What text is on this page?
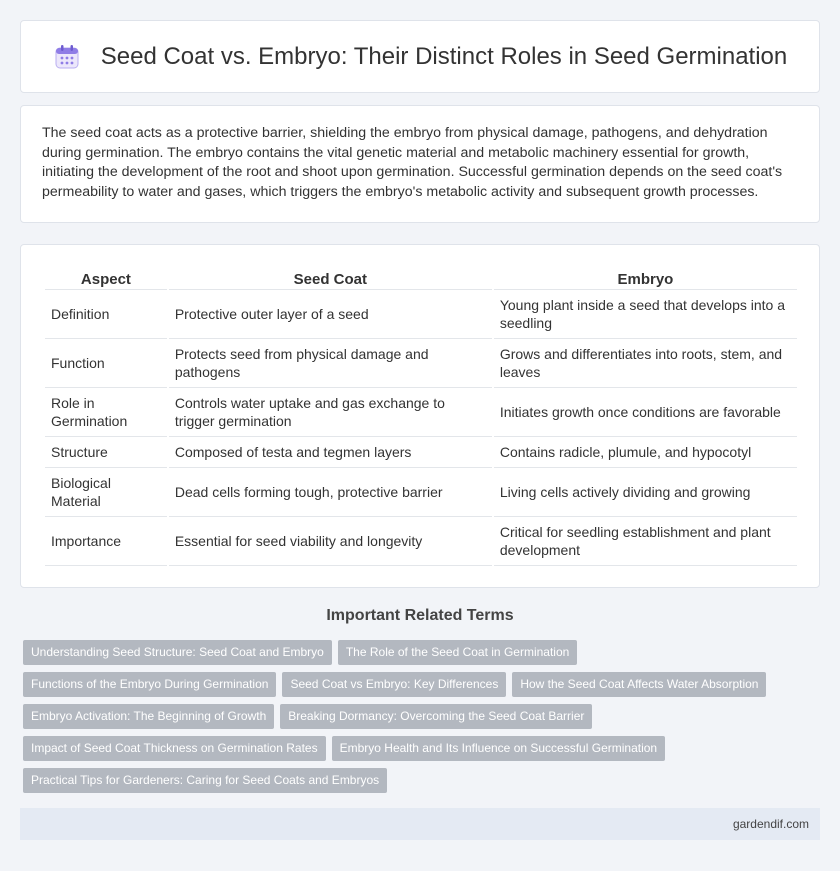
Seed Coat vs. Embryo: Their Distinct Roles in Seed Germination

The seed coat acts as a protective barrier, shielding the embryo from physical damage, pathogens, and dehydration during germination. The embryo contains the vital genetic material and metabolic machinery essential for growth, initiating the development of the root and shoot upon germination. Successful germination depends on the seed coat's permeability to water and gases, which triggers the embryo's metabolic activity and subsequent growth processes.

Aspect	Seed Coat	Embryo
Definition	Protective outer layer of a seed	Young plant inside a seed that develops into a seedling
Function	Protects seed from physical damage and pathogens	Grows and differentiates into roots, stem, and leaves
Role in Germination	Controls water uptake and gas exchange to trigger germination	Initiates growth once conditions are favorable
Structure	Composed of testa and tegmen layers	Contains radicle, plumule, and hypocotyl
Biological Material	Dead cells forming tough, protective barrier	Living cells actively dividing and growing
Importance	Essential for seed viability and longevity	Critical for seedling establishment and plant development
Important Related Terms
Understanding Seed Structure: Seed Coat and Embryo	The Role of the Seed Coat in Germination
Functions of the Embryo During Germination	Seed Coat vs Embryo: Key Differences	How the Seed Coat Affects Water Absorption
Embryo Activation: The Beginning of Growth	Breaking Dormancy: Overcoming the Seed Coat Barrier
Impact of Seed Coat Thickness on Germination Rates	Embryo Health and Its Influence on Successful Germination
Practical Tips for Gardeners: Caring for Seed Coats and Embryos
gardendif.com
